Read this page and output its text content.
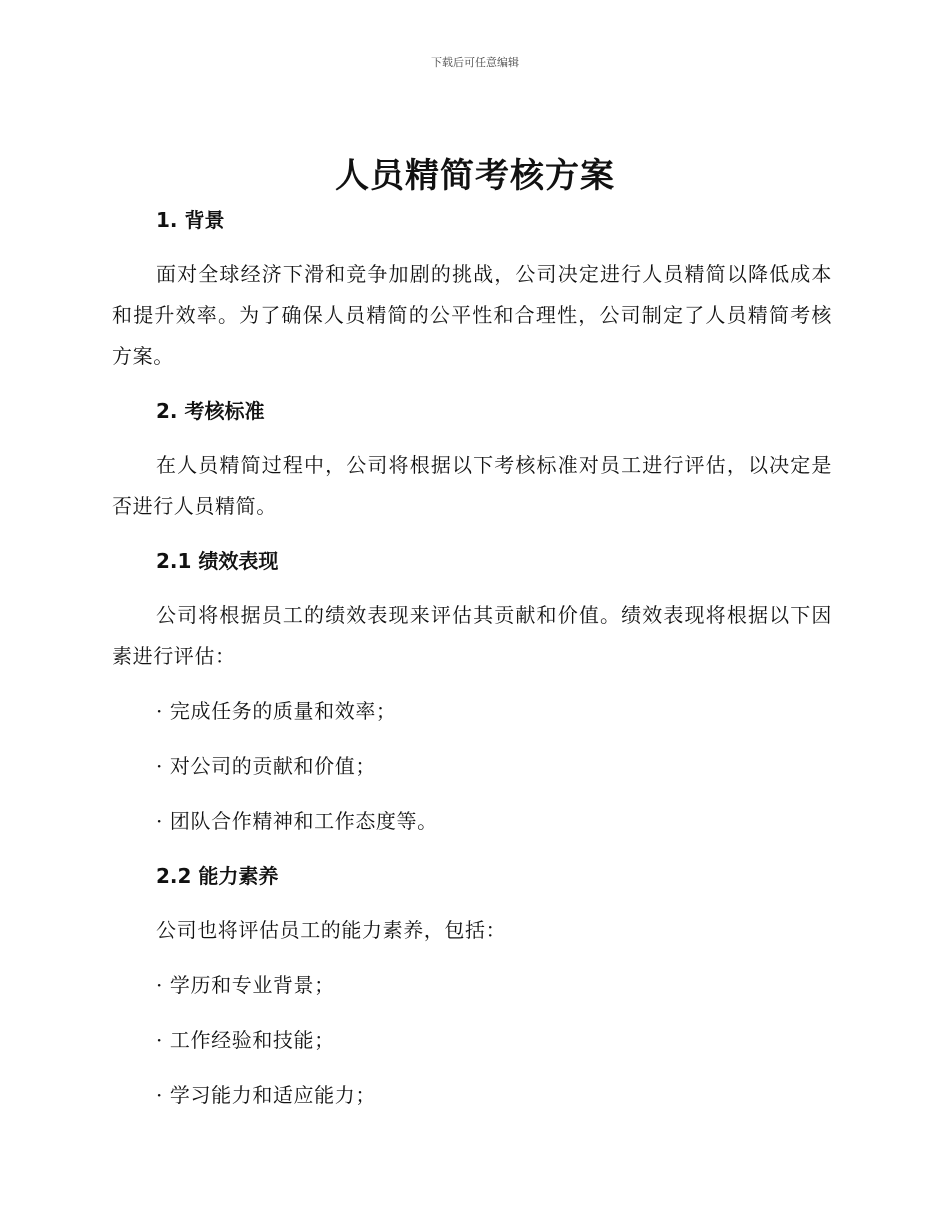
下载后可任意编辑
人员精简考核方案
1. 背景
面对全球经济下滑和竞争加剧的挑战，公司决定进行人员精简以降低成本和提升效率。为了确保人员精简的公平性和合理性，公司制定了人员精简考核方案。
2. 考核标准
在人员精简过程中，公司将根据以下考核标准对员工进行评估，以决定是否进行人员精简。
2.1 绩效表现
公司将根据员工的绩效表现来评估其贡献和价值。绩效表现将根据以下因素进行评估：
· 完成任务的质量和效率；
· 对公司的贡献和价值；
· 团队合作精神和工作态度等。
2.2 能力素养
公司也将评估员工的能力素养，包括：
· 学历和专业背景；
· 工作经验和技能；
· 学习能力和适应能力；
